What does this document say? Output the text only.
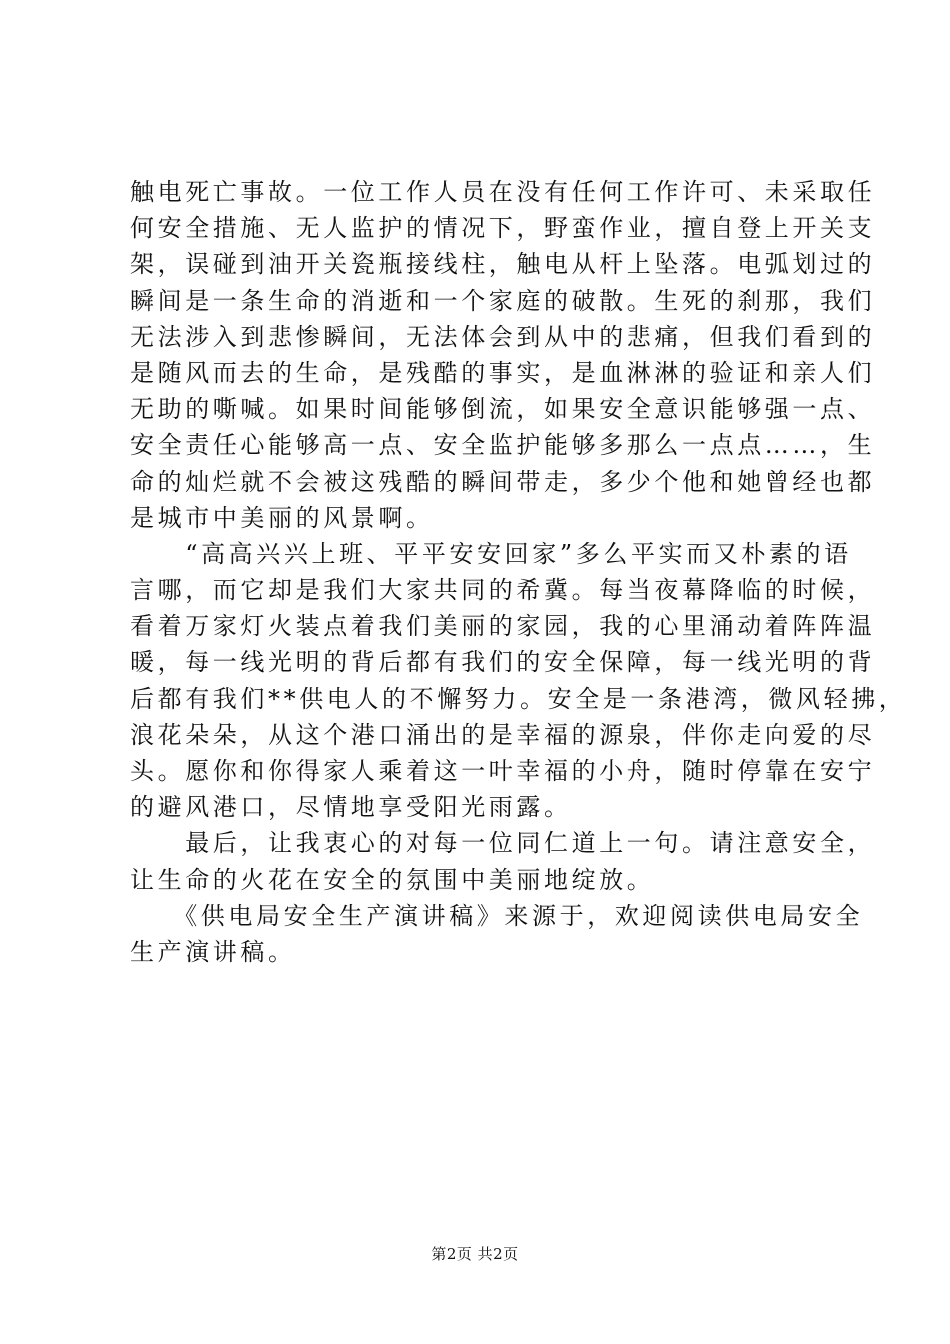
触电死亡事故。一位工作人员在没有任何工作许可、未采取任
何安全措施、无人监护的情况下，野蛮作业，擅自登上开关支
架，误碰到油开关瓷瓶接线柱，触电从杆上坠落。电弧划过的
瞬间是一条生命的消逝和一个家庭的破散。生死的刹那，我们
无法涉入到悲惨瞬间，无法体会到从中的悲痛，但我们看到的
是随风而去的生命，是残酷的事实，是血淋淋的验证和亲人们
无助的嘶喊。如果时间能够倒流，如果安全意识能够强一点、
安全责任心能够高一点、安全监护能够多那么一点点……，生
命的灿烂就不会被这残酷的瞬间带走，多少个他和她曾经也都
是城市中美丽的风景啊。
　　“高高兴兴上班、平平安安回家”多么平实而又朴素的语
言哪，而它却是我们大家共同的希冀。每当夜幕降临的时候，
看着万家灯火装点着我们美丽的家园，我的心里涌动着阵阵温
暖，每一线光明的背后都有我们的安全保障，每一线光明的背
后都有我们**供电人的不懈努力。安全是一条港湾，微风轻拂，
浪花朵朵，从这个港口涌出的是幸福的源泉，伴你走向爱的尽
头。愿你和你得家人乘着这一叶幸福的小舟，随时停靠在安宁
的避风港口，尽情地享受阳光雨露。
　　最后，让我衷心的对每一位同仁道上一句。请注意安全，
让生命的火花在安全的氛围中美丽地绽放。
　　《供电局安全生产演讲稿》来源于，欢迎阅读供电局安全
生产演讲稿。
第2页 共2页
